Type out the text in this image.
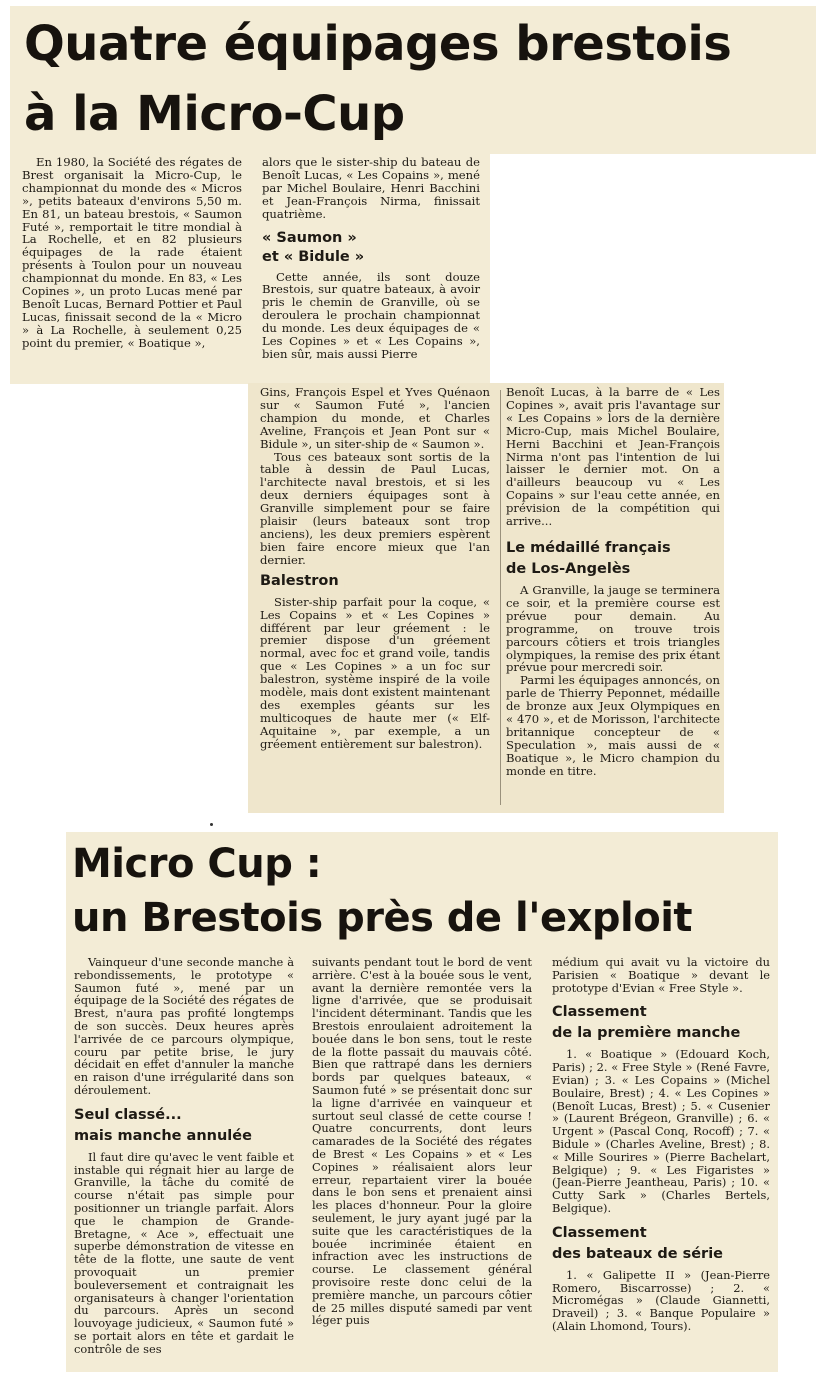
Quatre équipages brestois
à la Micro-Cup

En 1980, la Société des régates de Brest organisait la Micro-Cup, le championnat du monde des « Micros », petits bateaux d'environs 5,50 m. En 81, un bateau brestois, « Saumon Futé », remportait le titre mondial à La Rochelle, et en 82 plusieurs équipages de la rade étaient présents à Toulon pour un nouveau championnat du monde. En 83, « Les Copines », un proto Lucas mené par Benoît Lucas, Bernard Pottier et Paul Lucas, finissait second de la « Micro » à La Rochelle, à seulement 0,25 point du premier, « Boatique »,

alors que le sister-ship du bateau de Benoît Lucas, « Les Copains », mené par Michel Boulaire, Henri Bacchini et Jean-François Nirma, finissait quatrième.

« Saumon »
et « Bidule »

Cette année, ils sont douze Brestois, sur quatre bateaux, à avoir pris le chemin de Granville, où se deroulera le prochain championnat du monde. Les deux équipages de « Les Copines » et « Les Copains », bien sûr, mais aussi Pierre

Gins, François Espel et Yves Quénaon sur « Saumon Futé », l'ancien champion du monde, et Charles Aveline, François et Jean Pont sur « Bidule », un siter-ship de « Saumon ».

Tous ces bateaux sont sortis de la table à dessin de Paul Lucas, l'architecte naval brestois, et si les deux derniers équipages sont à Granville simplement pour se faire plaisir (leurs bateaux sont trop anciens), les deux premiers espèrent bien faire encore mieux que l'an dernier.

Balestron

Sister-ship parfait pour la coque, « Les Copains » et « Les Copines » différent par leur gréement : le premier dispose d'un gréement normal, avec foc et grand voile, tandis que « Les Copines » a un foc sur balestron, système inspiré de la voile modèle, mais dont existent maintenant des exemples géants sur les multicoques de haute mer (« Elf-Aquitaine », par exemple, a un gréement entièrement sur balestron).

Benoît Lucas, à la barre de « Les Copines », avait pris l'avantage sur « Les Copains » lors de la dernière Micro-Cup, mais Michel Boulaire, Herni Bacchini et Jean-François Nirma n'ont pas l'intention de lui laisser le dernier mot. On a d'ailleurs beaucoup vu « Les Copains » sur l'eau cette année, en prévision de la compétition qui arrive...

Le médaillé français
de Los-Angelès

A Granville, la jauge se terminera ce soir, et la première course est prévue pour demain. Au programme, on trouve trois parcours côtiers et trois triangles olympiques, la remise des prix étant prévue pour mercredi soir.

Parmi les équipages annoncés, on parle de Thierry Peponnet, médaille de bronze aux Jeux Olympiques en « 470 », et de Morisson, l'architecte britannique concepteur de « Speculation », mais aussi de « Boatique », le Micro champion du monde en titre.

Micro Cup :
un Brestois près de l'exploit

Vainqueur d'une seconde manche à rebondissements, le prototype « Saumon futé », mené par un équipage de la Société des régates de Brest, n'aura pas profité longtemps de son succès. Deux heures après l'arrivée de ce parcours olympique, couru par petite brise, le jury décidait en effet d'annuler la manche en raison d'une irrégularité dans son déroulement.

Seul classé...
mais manche annulée

Il faut dire qu'avec le vent faible et instable qui régnait hier au large de Granville, la tâche du comité de course n'était pas simple pour positionner un triangle parfait. Alors que le champion de Grande-Bretagne, « Ace », effectuait une superbe démonstration de vitesse en tête de la flotte, une saute de vent provoquait un premier bouleversement et contraignait les organisateurs à changer l'orientation du parcours. Après un second louvoyage judicieux, « Saumon futé » se portait alors en tête et gardait le contrôle de ses

suivants pendant tout le bord de vent arrière. C'est à la bouée sous le vent, avant la dernière remontée vers la ligne d'arrivée, que se produisait l'incident déterminant. Tandis que les Brestois enroulaient adroitement la bouée dans le bon sens, tout le reste de la flotte passait du mauvais côté. Bien que rattrapé dans les derniers bords par quelques bateaux, « Saumon futé » se présentait donc sur la ligne d'arrivée en vainqueur et surtout seul classé de cette course ! Quatre concurrents, dont leurs camarades de la Société des régates de Brest « Les Copains » et « Les Copines » réalisaient alors leur erreur, repartaient virer la bouée dans le bon sens et prenaient ainsi les places d'honneur. Pour la gloire seulement, le jury ayant jugé par la suite que les caractéristiques de la bouée incriminée étaient en infraction avec les instructions de course. Le classement général provisoire reste donc celui de la première manche, un parcours côtier de 25 milles disputé samedi par vent léger puis

médium qui avait vu la victoire du Parisien « Boatique » devant le prototype d'Evian « Free Style ».

Classement
de la première manche

1. « Boatique » (Edouard Koch, Paris) ; 2. « Free Style » (René Favre, Evian) ; 3. « Les Copains » (Michel Boulaire, Brest) ; 4. « Les Copines » (Benoît Lucas, Brest) ; 5. « Cusenier » (Laurent Brégeon, Granville) ; 6. « Urgent » (Pascal Conq, Rocoff) ; 7. « Bidule » (Charles Aveline, Brest) ; 8. « Mille Sourires » (Pierre Bachelart, Belgique) ; 9. « Les Figaristes » (Jean-Pierre Jeantheau, Paris) ; 10. « Cutty Sark » (Charles Bertels, Belgique).

Classement
des bateaux de série

1. « Galipette II » (Jean-Pierre Romero, Biscarrosse) ; 2. « Micromégas » (Claude Giannetti, Draveil) ; 3. « Banque Populaire » (Alain Lhomond, Tours).
